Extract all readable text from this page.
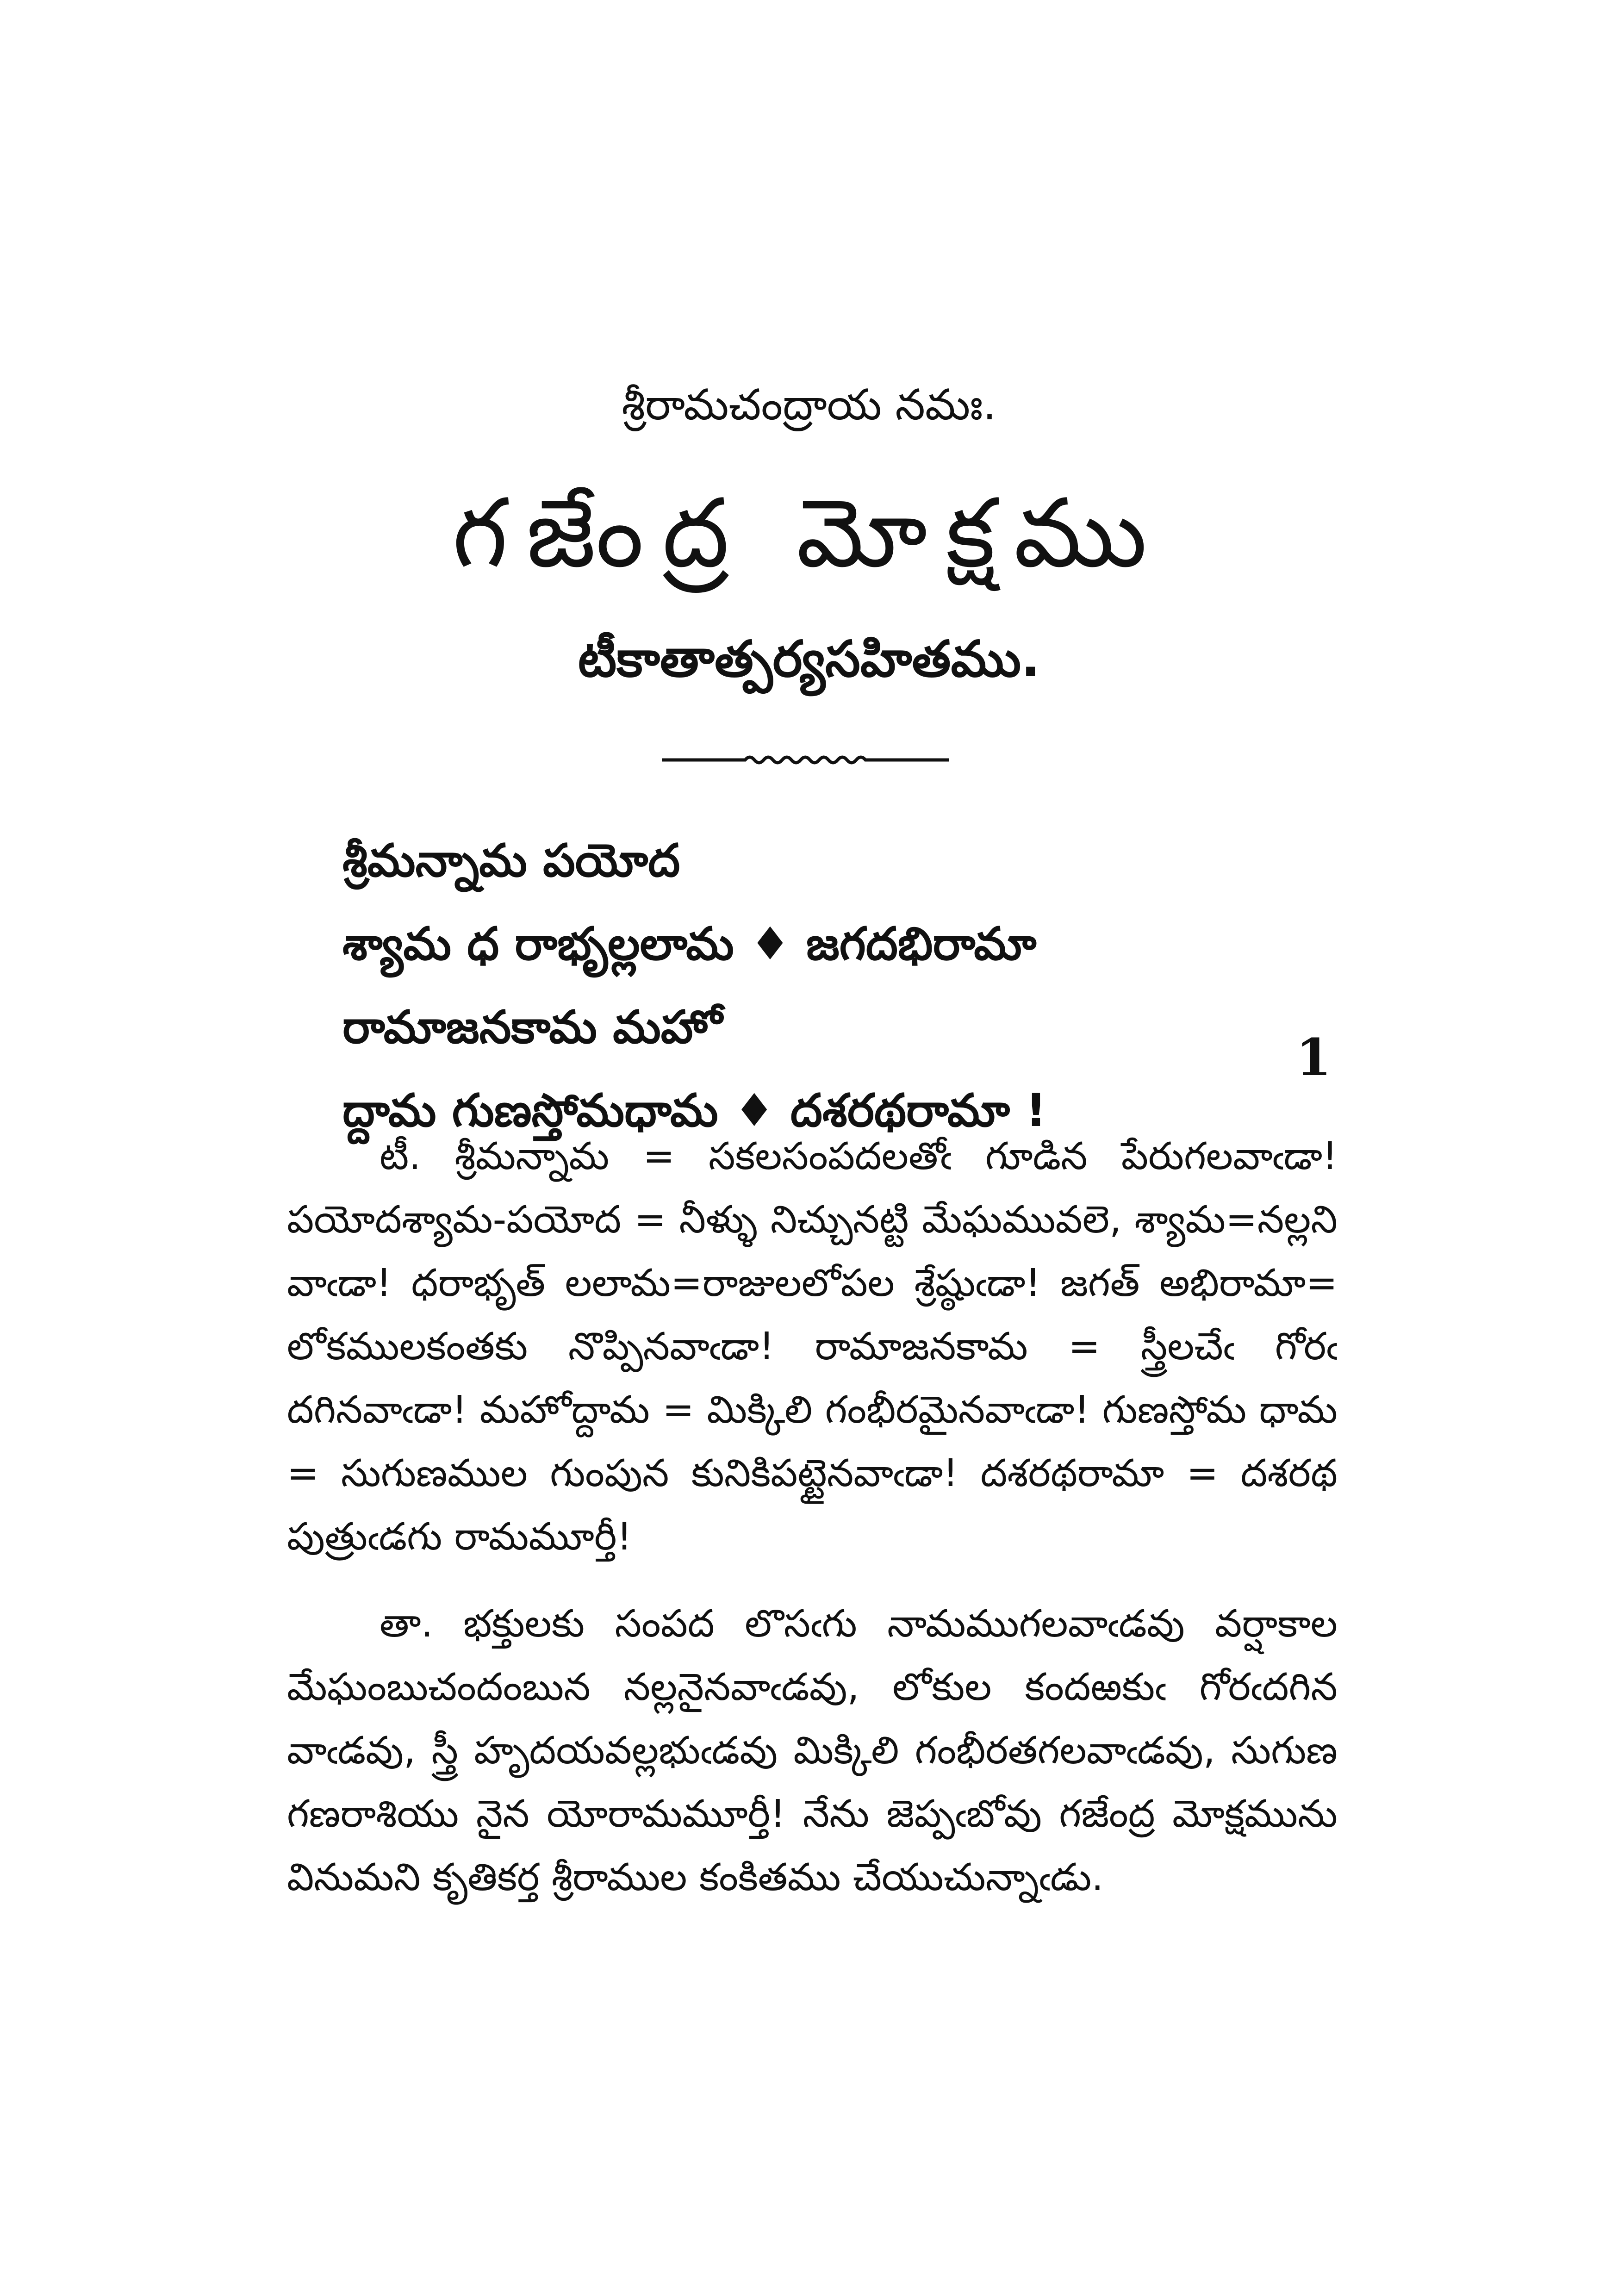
శ్రీరామచంద్రాయ నమః.
గజేంద్ర మోక్షము
టీకాతాత్పర్యసహితము.
శ్రీమన్నామ పయోద
శ్యామ ధ రాభృల్లలామ ♦ జగదభిరామా
రామాజనకామ మహో
ద్దామ గుణస్తోమధామ ♦ దశరథరామా !
1

టీ. శ్రీమన్నామ = సకలసంపదలతోఁ గూడిన పేరుగలవాఁడా! పయోదశ్యామ-పయోద = నీళ్ళు నిచ్చునట్టి మేఘమువలె, శ్యామ=నల్లని వాఁడా! ధరాభృత్ లలామ=రాజులలోపల శ్రేష్ఠుఁడా! జగత్ అభిరామా= లోకములకంతకు నొప్పినవాఁడా! రామాజనకామ = స్త్రీలచేఁ గోరఁ దగినవాఁడా! మహోద్దామ = మిక్కిలి గంభీరమైనవాఁడా! గుణస్తోమ ధామ = సుగుణముల గుంపున కునికిపట్టైనవాఁడా! దశరథరామా = దశరథ పుత్రుఁడగు రామమూర్తీ!

తా. భక్తులకు సంపద లొసఁగు నామముగలవాఁడవు వర్షాకాల మేఘంబుచందంబున నల్లనైనవాఁడవు, లోకుల కందఱకుఁ గోరఁదగిన వాఁడవు, స్త్రీ హృదయవల్లభుఁడవు మిక్కిలి గంభీరతగలవాఁడవు, సుగుణ గణరాశియు నైన యోరామమూర్తీ! నేను జెప్పఁబోవు గజేంద్ర మోక్షమును వినుమని కృతికర్త శ్రీరాముల కంకితము చేయుచున్నాఁడు.
